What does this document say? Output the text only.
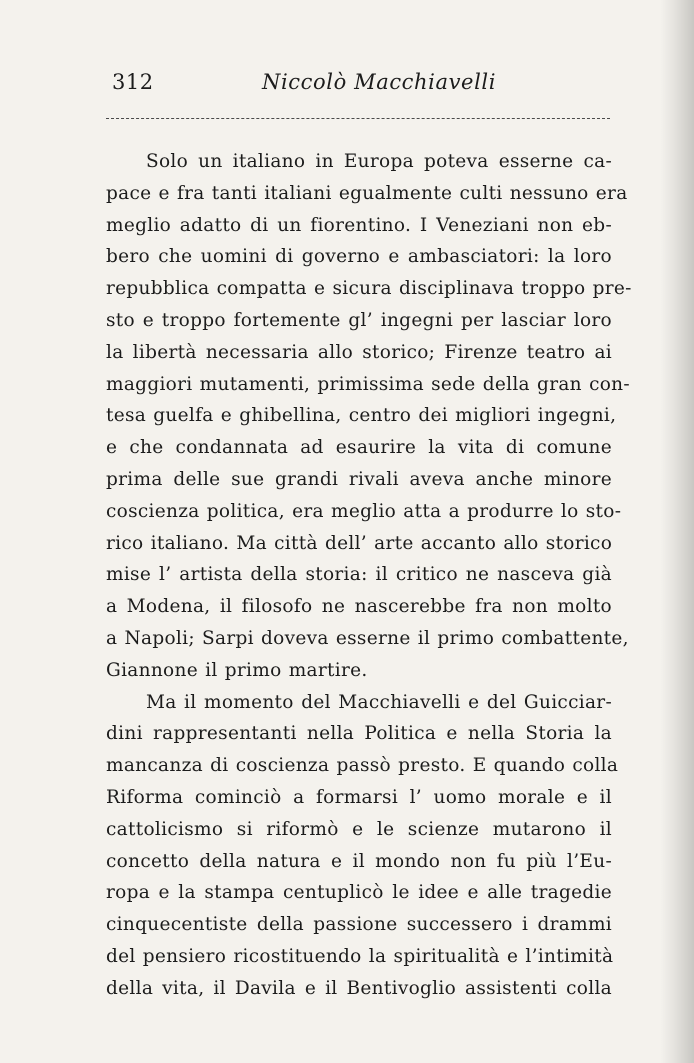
312	Niccolò Macchiavelli
Solo un italiano in Europa poteva esserne ca-
pace e fra tanti italiani egualmente culti nessuno era
meglio adatto di un fiorentino. I Veneziani non eb-
bero che uomini di governo e ambasciatori: la loro
repubblica compatta e sicura disciplinava troppo pre-
sto e troppo fortemente gl’ ingegni per lasciar loro
la libertà necessaria allo storico; Firenze teatro ai
maggiori mutamenti, primissima sede della gran con-
tesa guelfa e ghibellina, centro dei migliori ingegni,
e che condannata ad esaurire la vita di comune
prima delle sue grandi rivali aveva anche minore
coscienza politica, era meglio atta a produrre lo sto-
rico italiano. Ma città dell’ arte accanto allo storico
mise l’ artista della storia: il critico ne nasceva già
a Modena, il filosofo ne nascerebbe fra non molto
a Napoli; Sarpi doveva esserne il primo combattente,
Giannone il primo martire.
Ma il momento del Macchiavelli e del Guicciar-
dini rappresentanti nella Politica e nella Storia la
mancanza di coscienza passò presto. E quando colla
Riforma cominciò a formarsi l’ uomo morale e il
cattolicismo si riformò e le scienze mutarono il
concetto della natura e il mondo non fu più l’Eu-
ropa e la stampa centuplicò le idee e alle tragedie
cinquecentiste della passione successero i drammi
del pensiero ricostituendo la spiritualità e l’intimità
della vita, il Davila e il Bentivoglio assistenti colla
